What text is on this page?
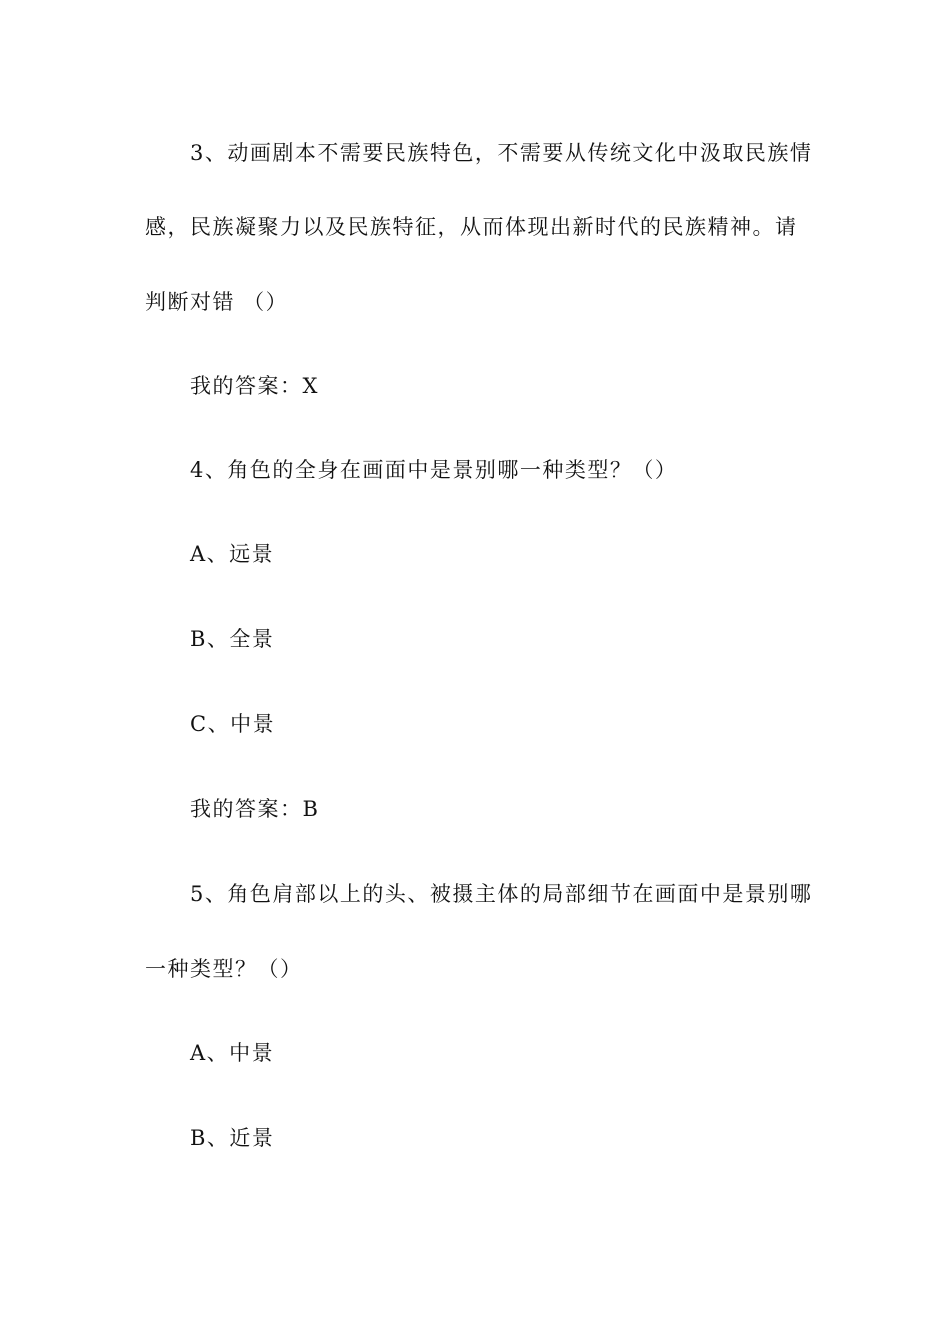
3、动画剧本不需要民族特色，不需要从传统文化中汲取民族情
感，民族凝聚力以及民族特征，从而体现出新时代的民族精神。请
判断对错 （）
我的答案：X
4、角色的全身在画面中是景别哪一种类型？（）
A、远景
B、全景
C、中景
我的答案：B
5、角色肩部以上的头、被摄主体的局部细节在画面中是景别哪
一种类型？（）
A、中景
B、近景
